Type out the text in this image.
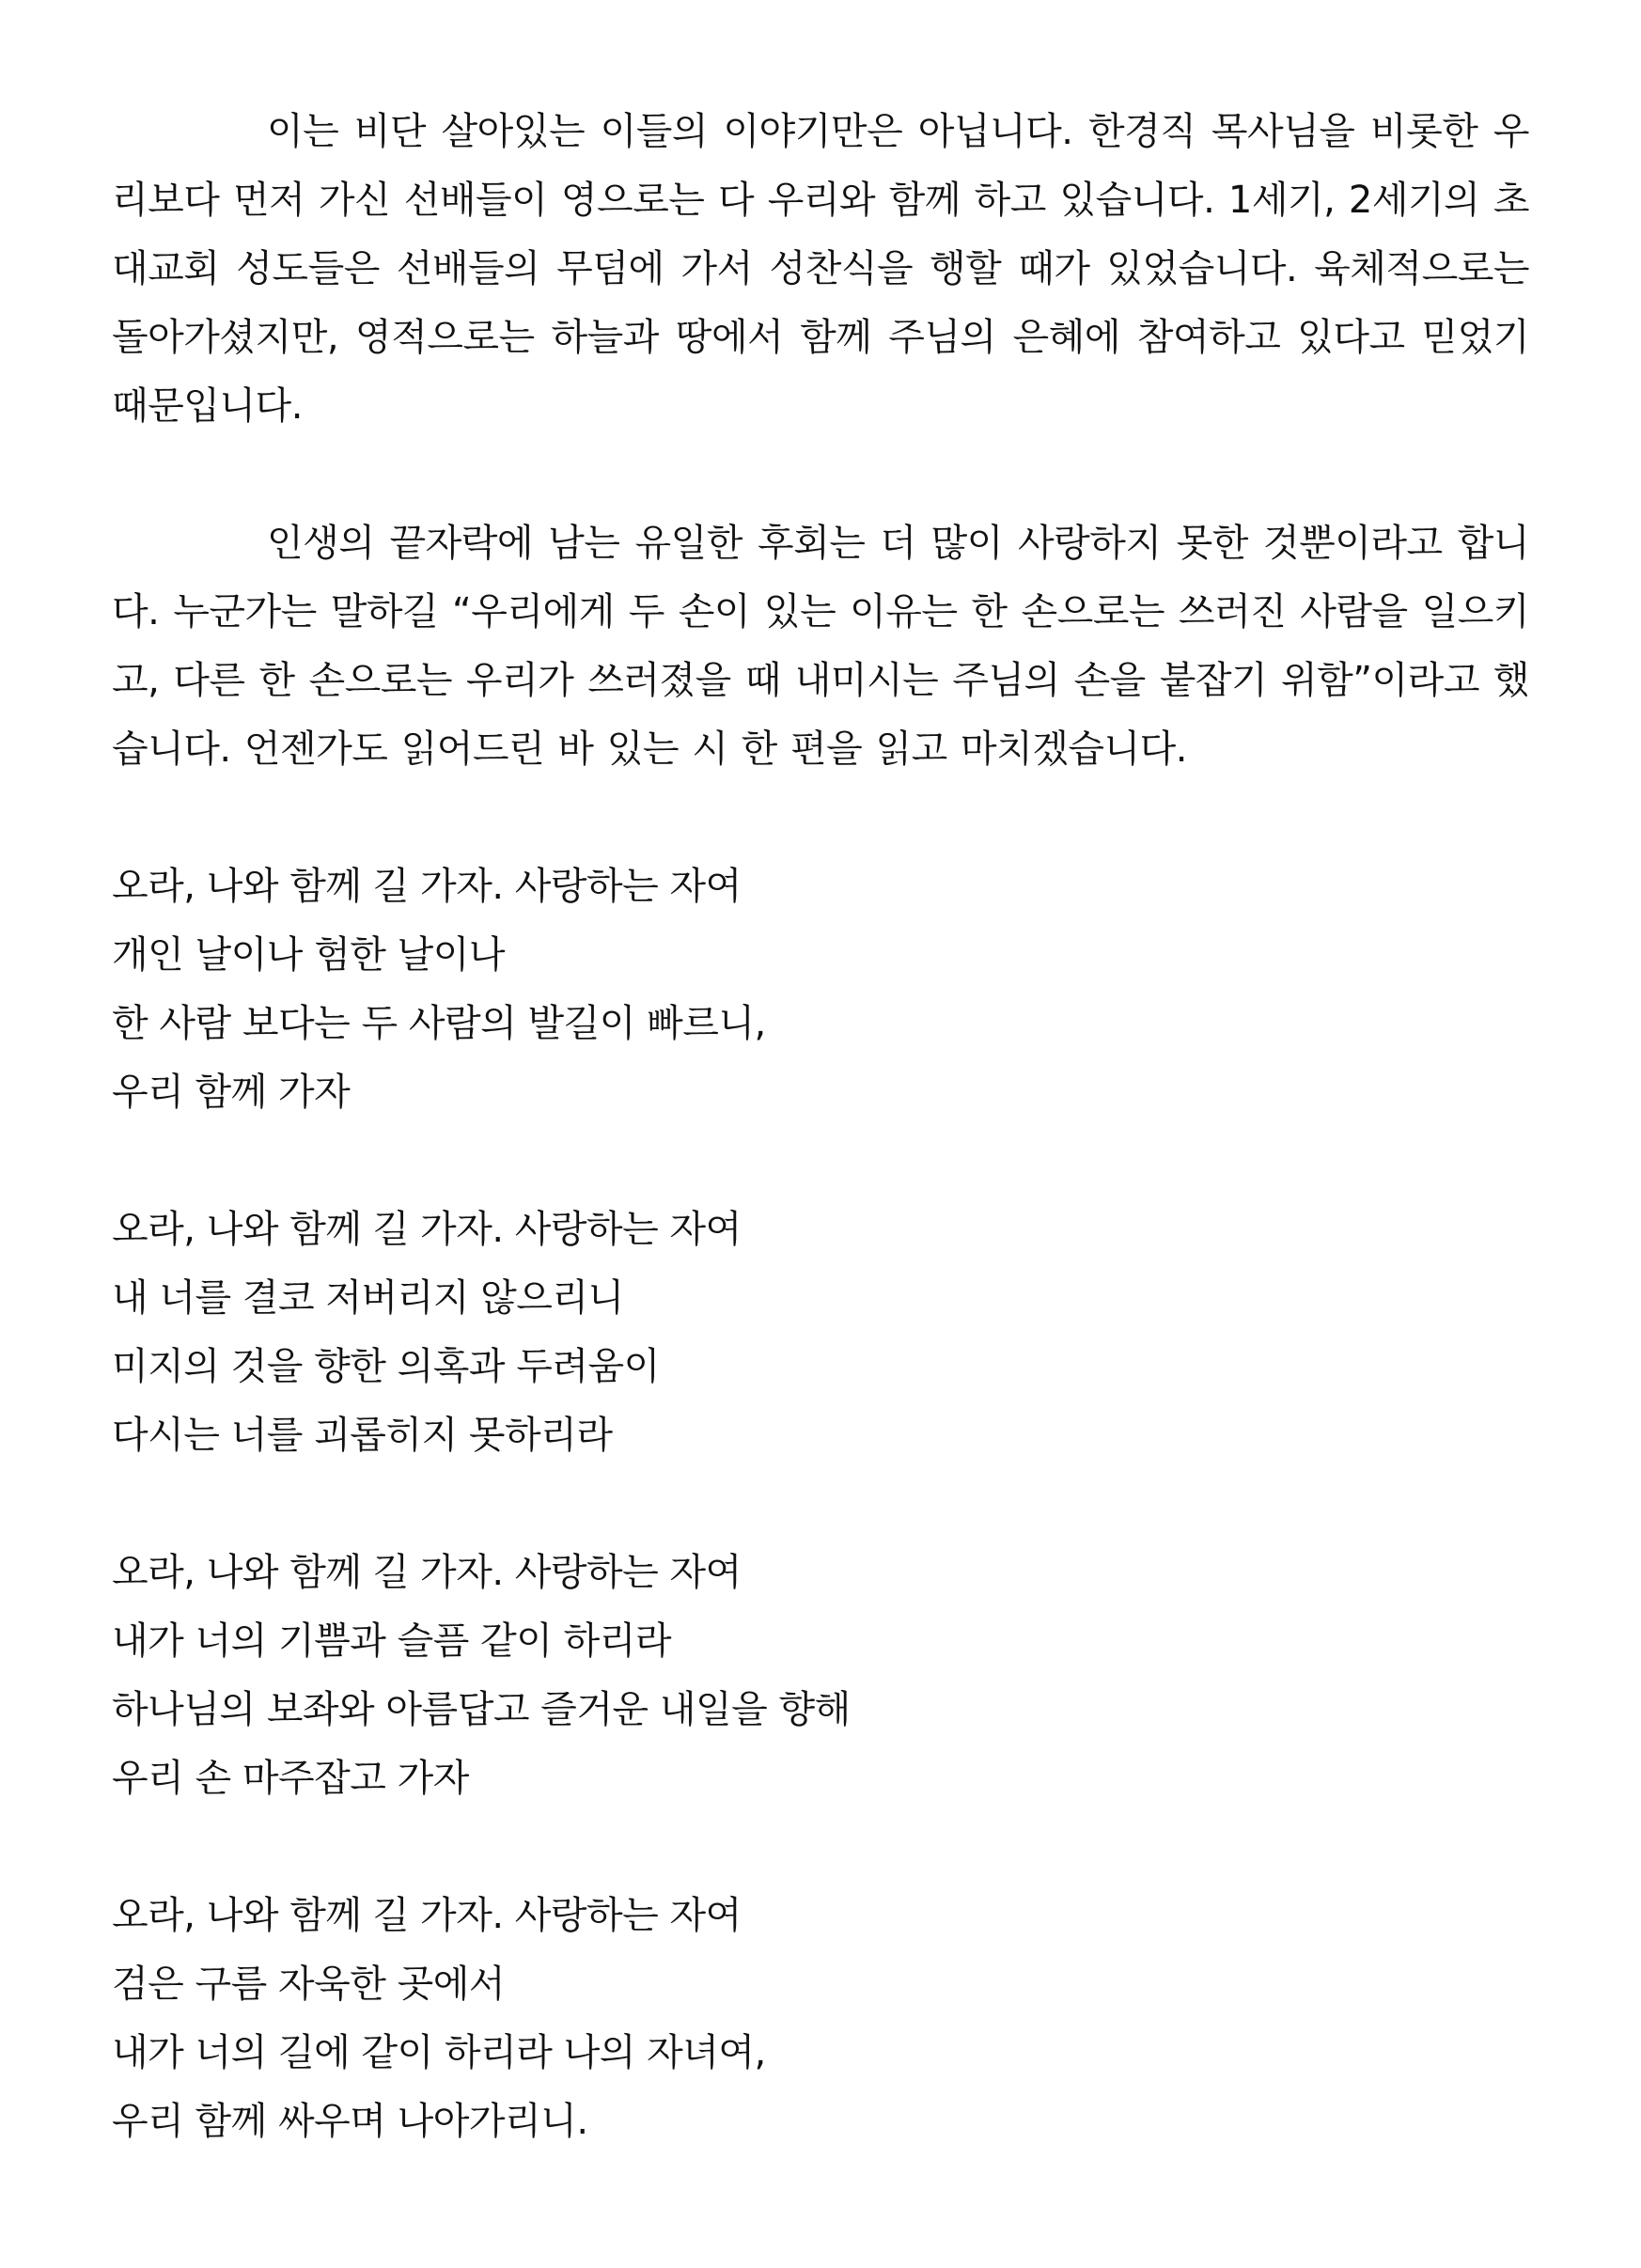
이는 비단 살아있는 이들의 이야기만은 아닙니다. 한경직 목사님을 비롯한 우리보다 먼저 가신 선배들이 영으로는 다 우리와 함께 하고 있습니다. 1세기, 2세기의 초대교회 성도들은 선배들의 무덤에 가서 성찬식을 행할 때가 있었습니다. 육체적으로는 돌아가셨지만, 영적으로는 하늘과 땅에서 함께 주님의 은혜에 참여하고 있다고 믿었기 때문입니다.

인생의 끝자락에 남는 유일한 후회는 더 많이 사랑하지 못한 것뿐이라고 합니다. 누군가는 말하길 “우리에게 두 손이 있는 이유는 한 손으로는 쓰러진 사람을 일으키고, 다른 한 손으로는 우리가 쓰러졌을 때 내미시는 주님의 손을 붙잡기 위함”이라고 했습니다. 언젠가도 읽어드린 바 있는 시 한 편을 읽고 마치겠습니다.

오라, 나와 함께 길 가자. 사랑하는 자여
개인 날이나 험한 날이나
한 사람 보다는 두 사람의 발길이 빠르니,
우리 함께 가자
오라, 나와 함께 길 가자. 사랑하는 자여
내 너를 결코 저버리지 않으리니
미지의 것을 향한 의혹과 두려움이
다시는 너를 괴롭히지 못하리라
오라, 나와 함께 길 가자. 사랑하는 자여
내가 너의 기쁨과 슬픔 같이 하리라
하나님의 보좌와 아름답고 즐거운 내일을 향해
우리 손 마주잡고 가자
오라, 나와 함께 길 가자. 사랑하는 자여
검은 구름 자욱한 곳에서
내가 너의 길에 같이 하리라 나의 자녀여,
우리 함께 싸우며 나아가리니.
